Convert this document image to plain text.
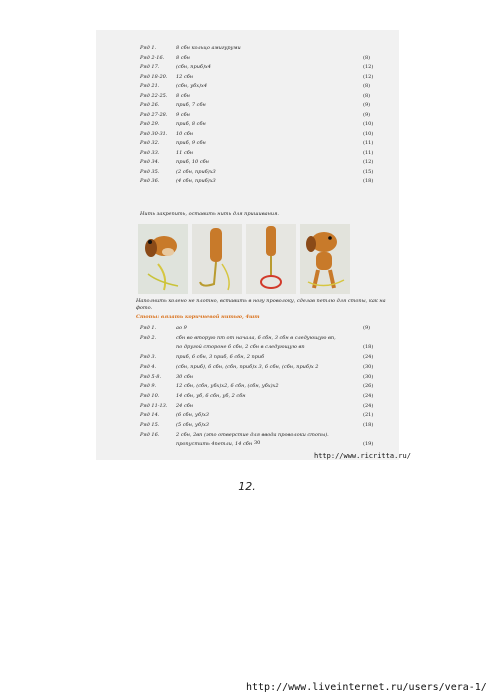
Ряд 1.	8 сбн кольцо амигуруми
Ряд 2-16. 8 сбн	(8)
Ряд 17.	(сбн, приб)х4	(12)
Ряд 18-20. 12 сбн	(12)
Ряд 21.	(сбн, убх)х4	(8)
Ряд 22-25. 8 сбн	(8)
Ряд 26.	приб, 7 сбн	(9)
Ряд 27-28. 9 сбн	(9)
Ряд 29.	приб, 8 сбн	(10)
Ряд 30-31. 10 сбн	(10)
Ряд 32.	приб, 9 сбн	(11)
Ряд 33.	11 сбн	(11)
Ряд 34.	приб, 10 сбн	(12)
Ряд 35.	(2 сбн, приб)х3	(15)
Ряд 36.	(4 сбн, приб)х3	(18)
Нить закрепить, оставить нить для пришивания.
Наполнить колено не плотно, вставить в ногу проволоку, сделав петлю для стопы, как на фото.
Стопы: вязать коричневой нитью, 4шт
Ряд 1.	ао 9	(9)
Ряд 2.	сбн во вторую пт от начала, 6 сбн, 3 сбн в следующую вп,
по другой стороне 6 сбн, 2 сбн в следующую вп	(18)
Ряд 3.	приб, 6 сбн, 3 приб, 6 сбн, 2 приб	(24)
Ряд 4.	(сбн, приб), 6 сбн, (сбн, приб)х 3, 6 сбн, (сбн, приб)х 2	(30)
Ряд 5-8.	30 сбн	(30)
Ряд 9.	12 сбн, (сбн, убх)х2, 6 сбн, (сбн, убх)х2	(26)
Ряд 10.	14 сбн, уб, 6 сбн, уб, 2 сбн	(24)
Ряд 11-13. 24 сбн	(24)
Ряд 14.	(6 сбн, уб)х3	(21)
Ряд 15.	(5 сбн, уб)х3	(18)
Ряд 16.	2 сбн, 2вп (это отверстие для ввода проволоки стопы).
пропустить 4петли, 14 сбн	(19)
30
http://www.ricritta.ru/
12.
http://www.liveinternet.ru/users/vera-1/
